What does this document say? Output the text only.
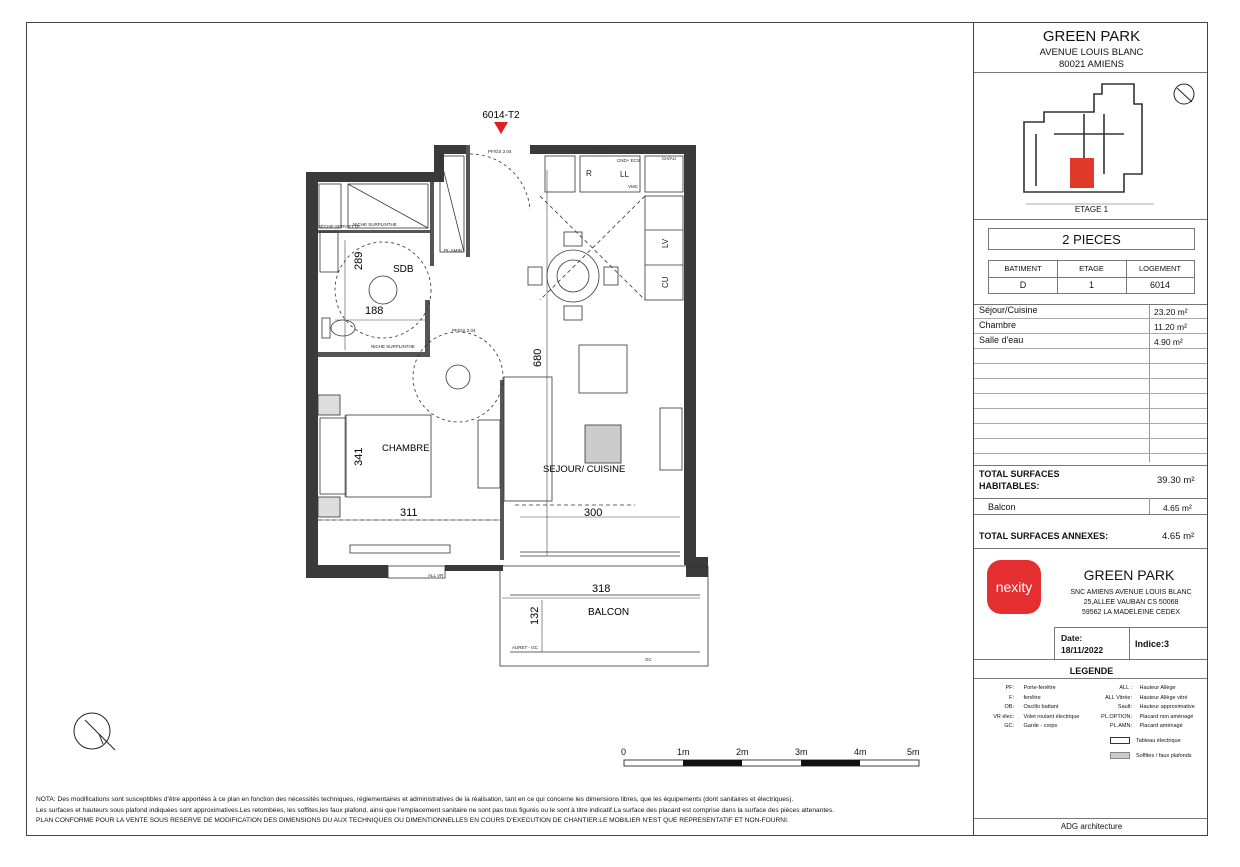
6014-T2
SDB
CHAMBRE
SEJOUR/ CUISINE
BALCON
289
188
341
311
680
300
318
132
PF/GS 2.04
PF/GS 2.04
R	LL
CND+ ECS	CH/AU
LV
CU
PL.AMIN
NICHE SURPLINTHE
NICHE SURPLINTHE
SÉCHE-SERVIETTE
VMC
AURET - GC
GC
ALL VR
0	1m	2m	3m	4m	5m
NOTA: Des modifications sont susceptibles d'être apportées à ce plan en fonction des nécessités techniques, réglementaires et administratives de la réalisation, tant en ce qui concerne les dimensions libres, que les équipements (dont sanitaires et électriques).
Les surfaces et hauteurs sous plafond indiquées sont approximatives.Les retombées, les soffites,les faux plafond, ainsi que l'emplacement sanitaire ne sont pas tous figurés ou le sont à titre indicatif.La surface des placard est comprise dans la surface des pièces attenantes.
PLAN CONFORME POUR LA VENTE SOUS RESERVE DE MODIFICATION DES DIMENSIONS DU AUX TECHNIQUES OU DIMENTIONNELLES EN COURS D'EXECUTION DE CHANTIER.LE MOBILIER N'EST QUE REPRESENTATIF ET NON-FOURNI.
GREEN PARK
AVENUE LOUIS BLANC
80021 AMIENS
ETAGE 1
2 PIECES
BATIMENT	ETAGE	LOGEMENT
D	1	6014
Séjour/Cuisine	23.20 m²
Chambre	11.20 m²
Salle d'eau	4.90 m²
TOTAL SURFACES
HABITABLES:	39.30 m²
Balcon	4.65 m²
TOTAL SURFACES ANNEXES:	4.65 m²
nexity
GREEN PARK
SNC AMIENS AVENUE LOUIS BLANC
25,ALLEE VAUBAN CS 50068
59562 LA MADELEINE CEDEX
Date:
18/11/2022
Indice:3
LEGENDE
PF: Porte-fenêtre
F: fenêtre
OB: Oscillo battant
VR élec: Volet roulant électrique
GC: Garde - corps
ALL : Hauteur Allège
ALL Vitrée: Hauteur Allège vitré
Sault: Hauteur approximative
PL.OPTION: Placard non aménagé
PL.AMN: Placard aménagé
Tableau électrique
Soffites / faux plafonds
ADG architecture
